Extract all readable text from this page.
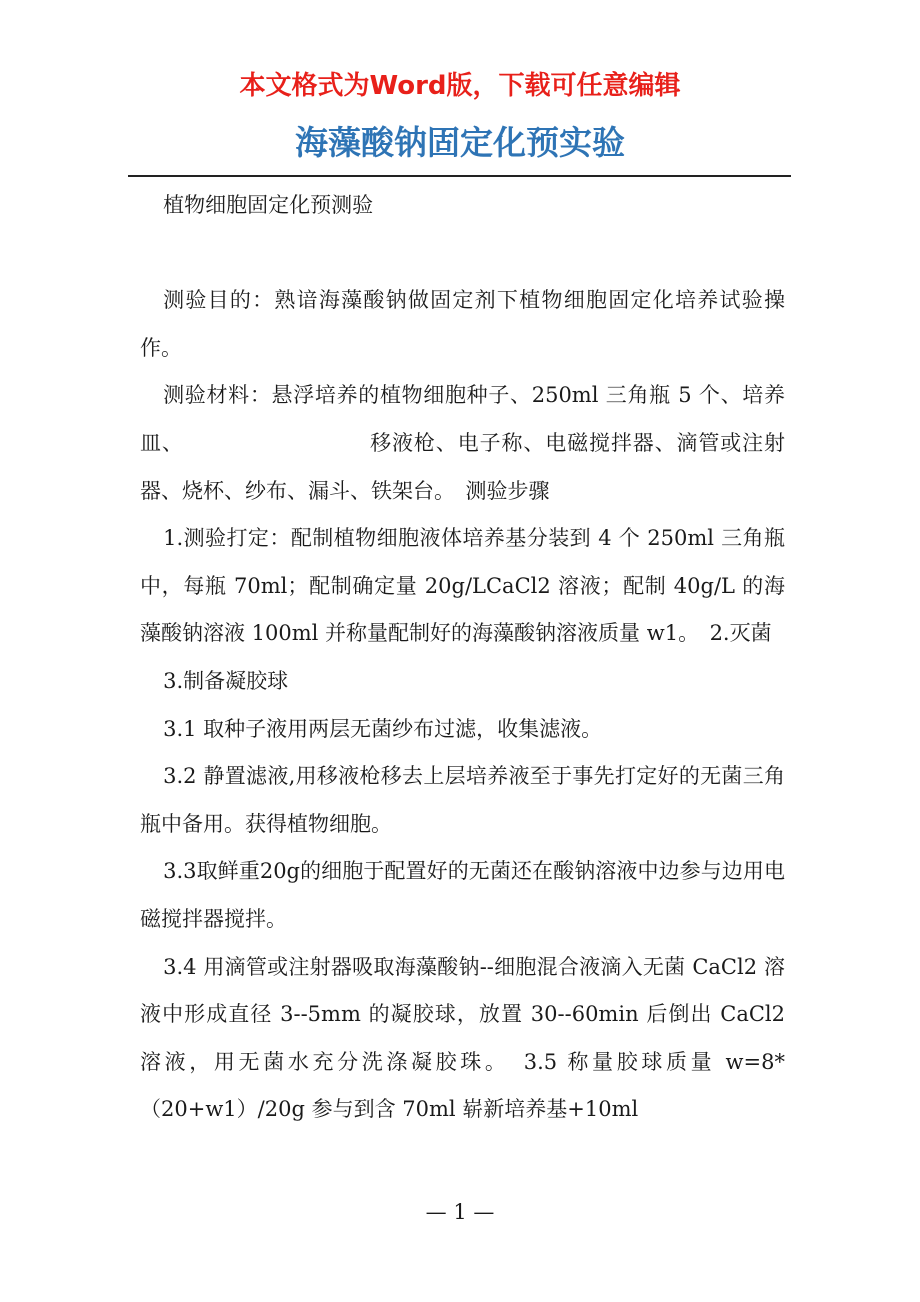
本文格式为Word版，下载可任意编辑
海藻酸钠固定化预实验

植物细胞固定化预测验

测验目的：熟谙海藻酸钠做固定剂下植物细胞固定化培养试验操作。

测验材料：悬浮培养的植物细胞种子、250ml 三角瓶 5 个、培养皿、　　　　　　　　　移液枪、电子称、电磁搅拌器、滴管或注射器、烧杯、纱布、漏斗、铁架台。　测验步骤

1.测验打定：配制植物细胞液体培养基分装到 4 个 250ml 三角瓶中，每瓶 70ml；配制确定量 20g/LCaCl2 溶液；配制 40g/L 的海藻酸钠溶液 100ml 并称量配制好的海藻酸钠溶液质量 w1。　2.灭菌

3.制备凝胶球

3.1 取种子液用两层无菌纱布过滤，收集滤液。

3.2 静置滤液,用移液枪移去上层培养液至于事先打定好的无菌三角瓶中备用。获得植物细胞。

3.3取鲜重20g的细胞于配置好的无菌还在酸钠溶液中边参与边用电磁搅拌器搅拌。

3.4 用滴管或注射器吸取海藻酸钠--细胞混合液滴入无菌 CaCl2 溶液中形成直径 3--5mm 的凝胶球，放置 30--60min 后倒出 CaCl2 溶液，用无菌水充分洗涤凝胶珠。　3.5 称量胶球质量 w=8*（20+w1）/20g 参与到含 70ml 崭新培养基+10ml

— 1 —
